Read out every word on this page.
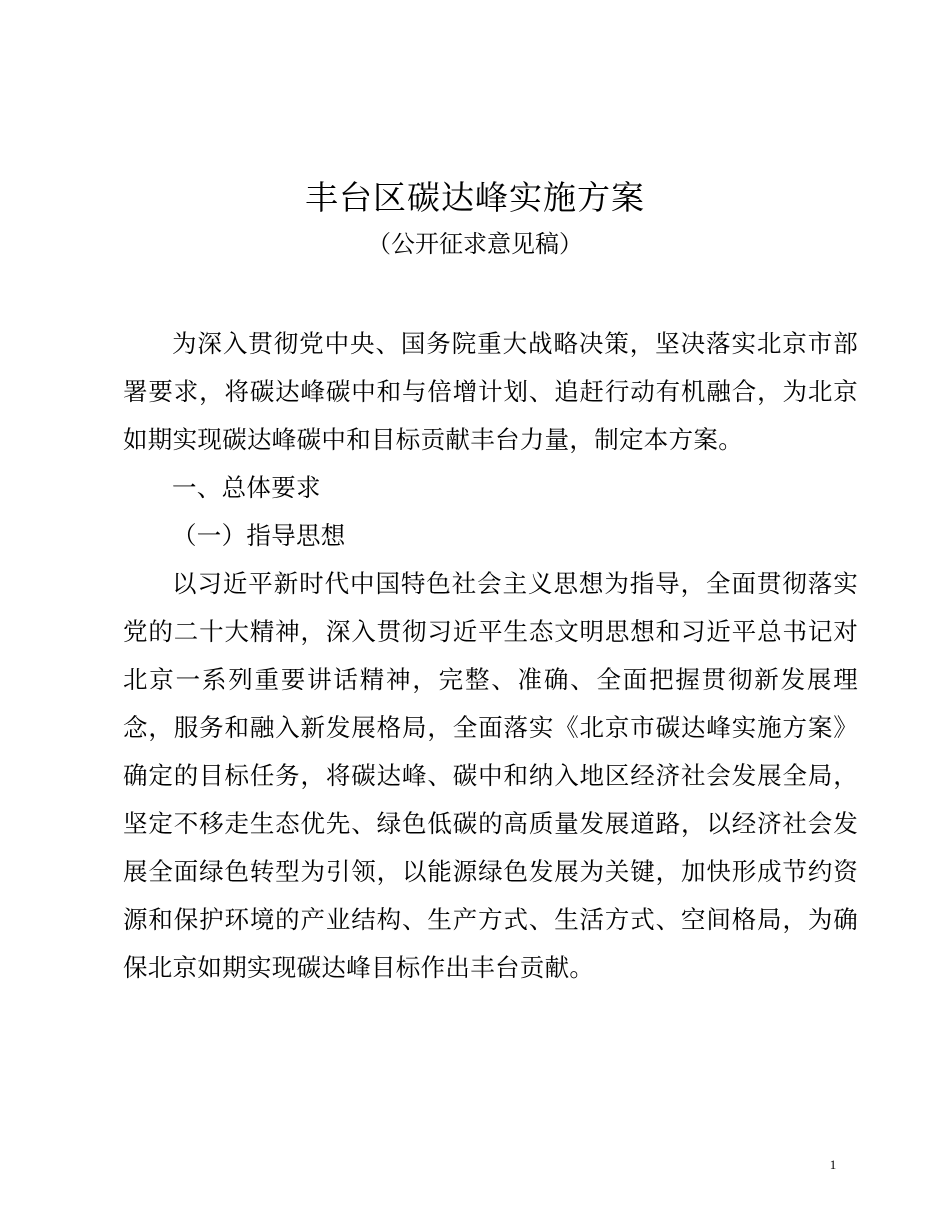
丰台区碳达峰实施方案
（公开征求意见稿）

为深入贯彻党中央、国务院重大战略决策，坚决落实北京市部署要求，将碳达峰碳中和与倍增计划、追赶行动有机融合，为北京如期实现碳达峰碳中和目标贡献丰台力量，制定本方案。

一、总体要求

（一）指导思想

以习近平新时代中国特色社会主义思想为指导，全面贯彻落实党的二十大精神，深入贯彻习近平生态文明思想和习近平总书记对北京一系列重要讲话精神，完整、准确、全面把握贯彻新发展理念，服务和融入新发展格局，全面落实《北京市碳达峰实施方案》确定的目标任务，将碳达峰、碳中和纳入地区经济社会发展全局，坚定不移走生态优先、绿色低碳的高质量发展道路，以经济社会发展全面绿色转型为引领，以能源绿色发展为关键，加快形成节约资源和保护环境的产业结构、生产方式、生活方式、空间格局，为确保北京如期实现碳达峰目标作出丰台贡献。

1
